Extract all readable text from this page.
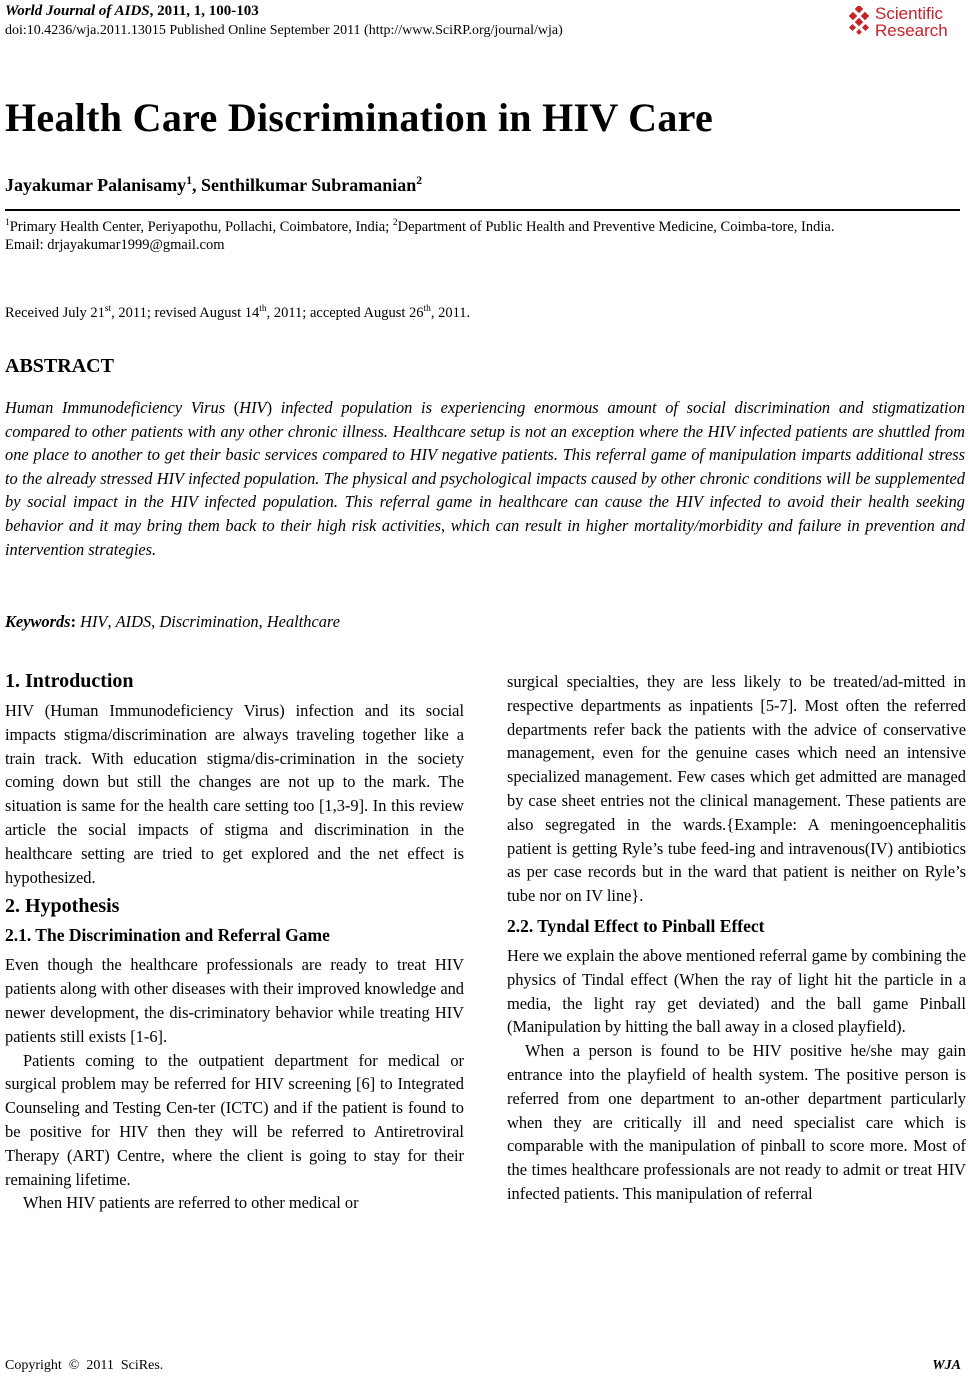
World Journal of AIDS, 2011, 1, 100-103
doi:10.4236/wja.2011.13015 Published Online September 2011 (http://www.SciRP.org/journal/wja)
Scientific
Research
Health Care Discrimination in HIV Care
Jayakumar Palanisamy$^1$, Senthilkumar Subramanian$^2$
$^1$Primary Health Center, Periyapothu, Pollachi, Coimbatore, India; $^2$Department of Public Health and Preventive Medicine, Coimba-tore, India.
Email: drjayakumar1999@gmail.com
Received July 21st, 2011; revised August 14th, 2011; accepted August 26th, 2011.
ABSTRACT
Human Immunodeficiency Virus (HIV) infected population is experiencing enormous amount of social discrimination and stigmatization compared to other patients with any other chronic illness. Healthcare setup is not an exception where the HIV infected patients are shuttled from one place to another to get their basic services compared to HIV negative patients. This referral game of manipulation imparts additional stress to the already stressed HIV infected population. The physical and psychological impacts caused by other chronic conditions will be supplemented by social impact in the HIV infected population. This referral game in healthcare can cause the HIV infected to avoid their health seeking behavior and it may bring them back to their high risk activities, which can result in higher mortality/morbidity and failure in prevention and intervention strategies.
Keywords: HIV, AIDS, Discrimination, Healthcare
1. Introduction

HIV (Human Immunodeficiency Virus) infection and its social impacts stigma/discrimination are always traveling together like a train track. With education stigma/dis-crimination in the society coming down but still the changes are not up to the mark. The situation is same for the health care setting too [1,3-9]. In this review article the social impacts of stigma and discrimination in the healthcare setting are tried to get explored and the net effect is hypothesized.

2. Hypothesis
2.1. The Discrimination and Referral Game

Even though the healthcare professionals are ready to treat HIV patients along with other diseases with their improved knowledge and newer development, the dis-criminatory behavior while treating HIV patients still exists [1-6].

Patients coming to the outpatient department for medical or surgical problem may be referred for HIV screening [6] to Integrated Counseling and Testing Cen-ter (ICTC) and if the patient is found to be positive for HIV then they will be referred to Antiretroviral Therapy (ART) Centre, where the client is going to stay for their remaining lifetime.

When HIV patients are referred to other medical or

surgical specialties, they are less likely to be treated/ad-mitted in respective departments as inpatients [5-7]. Most often the referred departments refer back the patients with the advice of conservative management, even for the genuine cases which need an intensive specialized management. Few cases which get admitted are managed by case sheet entries not the clinical management. These patients are also segregated in the wards.{Example: A meningoencephalitis patient is getting Ryle’s tube feed-ing and intravenous(IV) antibiotics as per case records but in the ward that patient is neither on Ryle’s tube nor on IV line}.

2.2. Tyndal Effect to Pinball Effect

Here we explain the above mentioned referral game by combining the physics of Tindal effect (When the ray of light hit the particle in a media, the light ray get deviated) and the ball game Pinball (Manipulation by hitting the ball away in a closed playfield).

When a person is found to be HIV positive he/she may gain entrance into the playfield of health system. The positive person is referred from one department to an-other department particularly when they are critically ill and need specialist care which is comparable with the manipulation of pinball to score more. Most of the times healthcare professionals are not ready to admit or treat HIV infected patients. This manipulation of referral

Copyright  ©  2011  SciRes.	WJA
